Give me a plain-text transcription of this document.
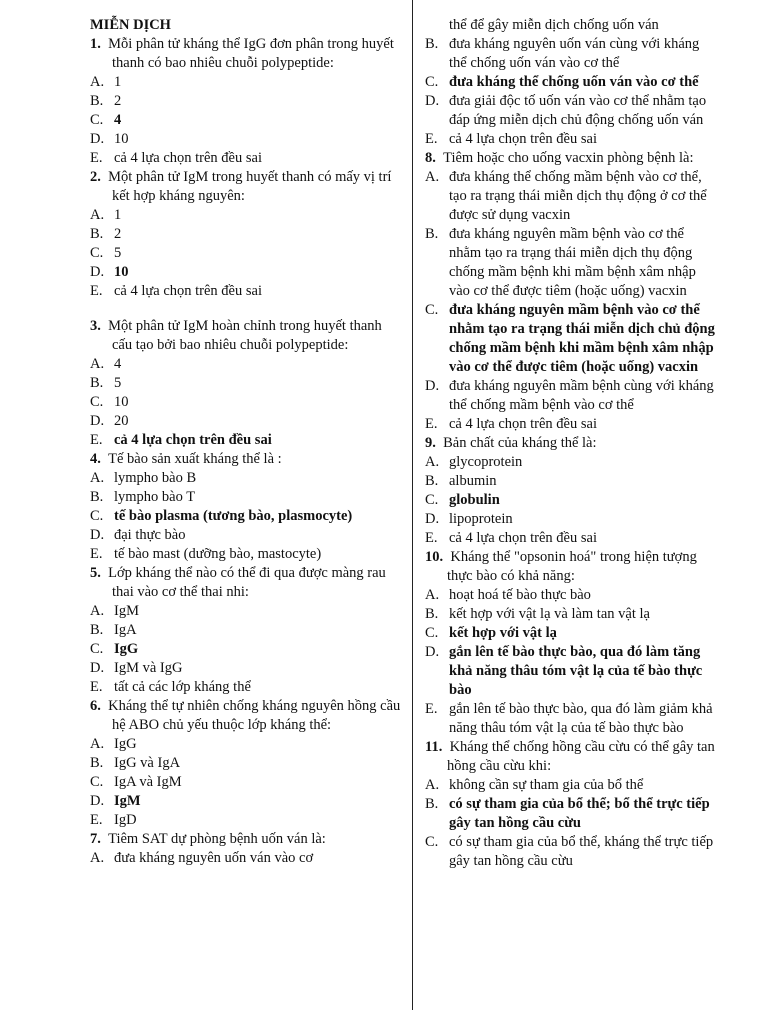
MIỄN DỊCH

1. Mỗi phân tử kháng thể IgG đơn phân trong huyết thanh có bao nhiêu chuỗi polypeptide:

A. 1

B. 2

C. 4

D. 10

E. cả 4 lựa chọn trên đều sai

2. Một phân tử IgM trong huyết thanh có mấy vị trí kết hợp kháng nguyên:

A. 1

B. 2

C. 5

D. 10

E. cả 4 lựa chọn trên đều sai

3. Một phân tử IgM hoàn chỉnh trong huyết thanh cấu tạo bởi bao nhiêu chuỗi polypeptide:

A. 4

B. 5

C. 10

D. 20

E. cả 4 lựa chọn trên đều sai

4. Tế bào sản xuất kháng thể là :

A. lympho bào B

B. lympho bào T

C. tế bào plasma (tương bào, plasmocyte)

D. đại thực bào

E. tế bào mast (dưỡng bào, mastocyte)

5. Lớp kháng thể nào có thể đi qua được màng rau thai vào cơ thể thai nhi:

A. IgM

B. IgA

C. IgG

D. IgM và IgG

E. tất cả các lớp kháng thể

6. Kháng thể tự nhiên chống kháng nguyên hồng cầu hệ ABO chủ yếu thuộc lớp kháng thể:

A. IgG

B. IgG và IgA

C. IgA và IgM

D. IgM

E. IgD

7. Tiêm SAT dự phòng bệnh uốn ván là:

A. đưa kháng nguyên uốn ván vào cơ

thể để gây miễn dịch chống uốn ván

B. đưa kháng nguyên uốn ván cùng với kháng thể chống uốn ván vào cơ thể

C. đưa kháng thể chống uốn ván vào cơ thể

D. đưa giải độc tố uốn ván vào cơ thể nhằm tạo đáp ứng miễn dịch chủ động chống uốn ván

E. cả 4 lựa chọn trên đều sai

8. Tiêm hoặc cho uống vacxin phòng bệnh là:

A. đưa kháng thể chống mầm bệnh vào cơ thể, tạo ra trạng thái miễn dịch thụ động ở cơ thể được sử dụng vacxin

B. đưa kháng nguyên mầm bệnh vào cơ thể nhằm tạo ra trạng thái miễn dịch thụ động chống mầm bệnh khi mầm bệnh xâm nhập vào cơ thể được tiêm (hoặc uống) vacxin

C. đưa kháng nguyên mầm bệnh vào cơ thể nhằm tạo ra trạng thái miễn dịch chủ động chống mầm bệnh khi mầm bệnh xâm nhập vào cơ thể được tiêm (hoặc uống) vacxin

D. đưa kháng nguyên mầm bệnh cùng với kháng thể chống mầm bệnh vào cơ thể

E. cả 4 lựa chọn trên đều sai

9. Bản chất của kháng thể là:

A. glycoprotein

B. albumin

C. globulin

D. lipoprotein

E. cả 4 lựa chọn trên đều sai

10. Kháng thể "opsonin hoá" trong hiện tượng thực bào có khả năng:

A. hoạt hoá tế bào thực bào

B. kết hợp với vật lạ và làm tan vật lạ

C. kết hợp với vật lạ

D. gắn lên tế bào thực bào, qua đó làm tăng khả năng thâu tóm vật lạ của tế bào thực bào

E. gắn lên tế bào thực bào, qua đó làm giảm khả năng thâu tóm vật lạ của tế bào thực bào

11. Kháng thể chống hồng cầu cừu có thể gây tan hồng cầu cừu khi:

A. không cần sự tham gia của bổ thể

B. có sự tham gia của bổ thể; bổ thể trực tiếp gây tan hồng cầu cừu

C. có sự tham gia của bổ thể, kháng thể trực tiếp gây tan hồng cầu cừu
